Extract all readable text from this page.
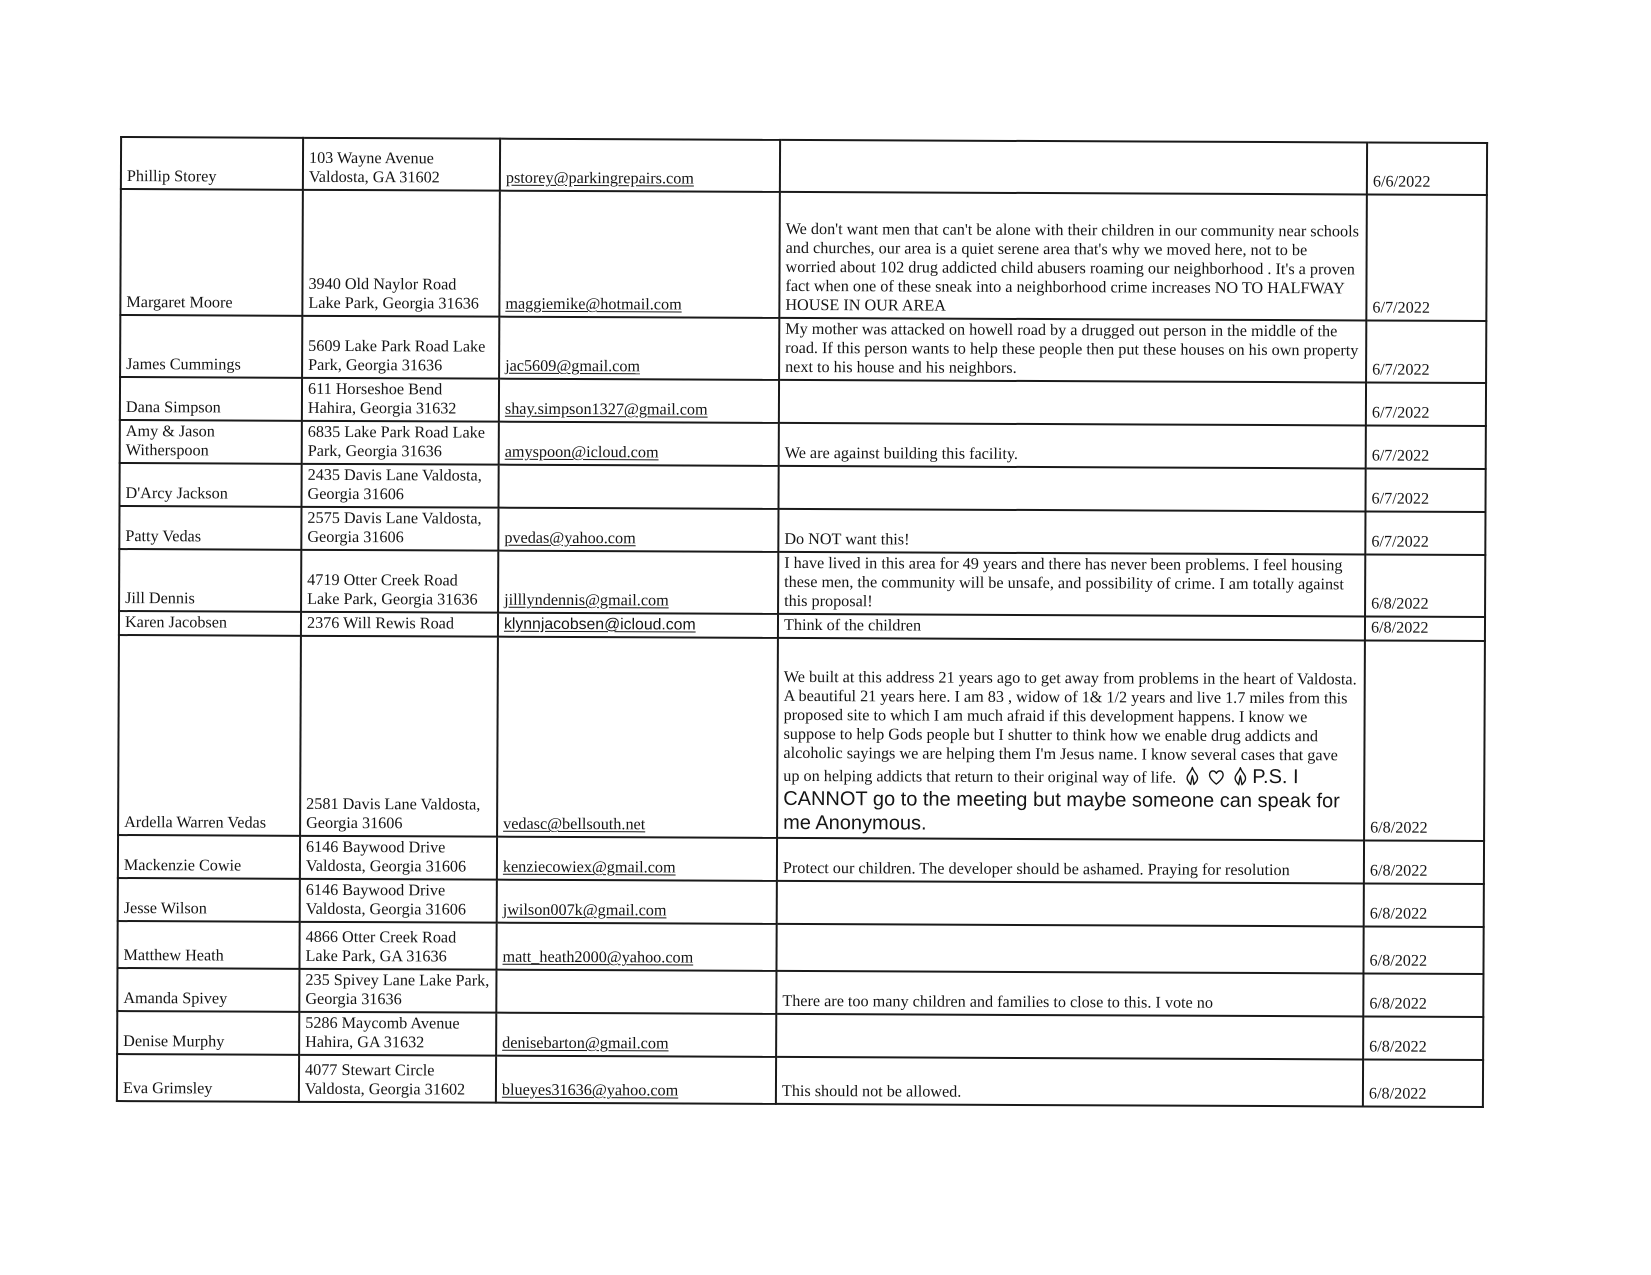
Phillip Storey	103 Wayne Avenue Valdosta, GA 31602	pstorey@parkingrepairs.com		6/6/2022
Margaret Moore	3940 Old Naylor Road Lake Park, Georgia 31636	maggiemike@hotmail.com	We don't want men that can't be alone with their children in our community near schools and churches, our area is a quiet serene area that's why we moved here, not to be worried about 102 drug addicted child abusers roaming our neighborhood . It's a proven fact when one of these sneak into a neighborhood crime increases NO TO HALFWAY HOUSE IN OUR AREA	6/7/2022
James Cummings	5609 Lake Park Road Lake Park, Georgia 31636	jac5609@gmail.com	My mother was attacked on howell road by a drugged out person in the middle of the road. If this person wants to help these people then put these houses on his own property next to his house and his neighbors.	6/7/2022
Dana Simpson	611 Horseshoe Bend Hahira, Georgia 31632	shay.simpson1327@gmail.com		6/7/2022
Amy & Jason Witherspoon	6835 Lake Park Road Lake Park, Georgia 31636	amyspoon@icloud.com	We are against building this facility.	6/7/2022
D'Arcy Jackson	2435 Davis Lane Valdosta, Georgia 31606			6/7/2022
Patty Vedas	2575 Davis Lane Valdosta, Georgia 31606	pvedas@yahoo.com	Do NOT want this!	6/7/2022
Jill Dennis	4719 Otter Creek Road Lake Park, Georgia 31636	jilllyndennis@gmail.com	I have lived in this area for 49 years and there has never been problems. I feel housing these men, the community will be unsafe, and possibility of crime. I am totally against this proposal!	6/8/2022
Karen Jacobsen	2376 Will Rewis Road	klynnjacobsen@icloud.com	Think of the children	6/8/2022
Ardella Warren Vedas	2581 Davis Lane Valdosta, Georgia 31606	vedasc@bellsouth.net	We built at this address 21 years ago to get away from problems in the heart of Valdosta. A beautiful 21 years here. I am 83 , widow of 1& 1/2 years and live 1.7 miles from this proposed site to which I am much afraid if this development happens. I know we suppose to help Gods people but I shutter to think how we enable drug addicts and alcoholic sayings we are helping them I'm Jesus name. I know several cases that gave up on helping addicts that return to their original way of life. P.S. I CANNOT go to the meeting but maybe someone can speak for me Anonymous.	6/8/2022
Mackenzie Cowie	6146 Baywood Drive Valdosta, Georgia 31606	kenziecowiex@gmail.com	Protect our children. The developer should be ashamed. Praying for resolution	6/8/2022
Jesse Wilson	6146 Baywood Drive Valdosta, Georgia 31606	jwilson007k@gmail.com		6/8/2022
Matthew Heath	4866 Otter Creek Road Lake Park, GA 31636	matt_heath2000@yahoo.com		6/8/2022
Amanda Spivey	235 Spivey Lane Lake Park, Georgia 31636		There are too many children and families to close to this. I vote no	6/8/2022
Denise Murphy	5286 Maycomb Avenue Hahira, GA 31632	denisebarton@gmail.com		6/8/2022
Eva Grimsley	4077 Stewart Circle Valdosta, Georgia 31602	blueyes31636@yahoo.com	This should not be allowed.	6/8/2022
